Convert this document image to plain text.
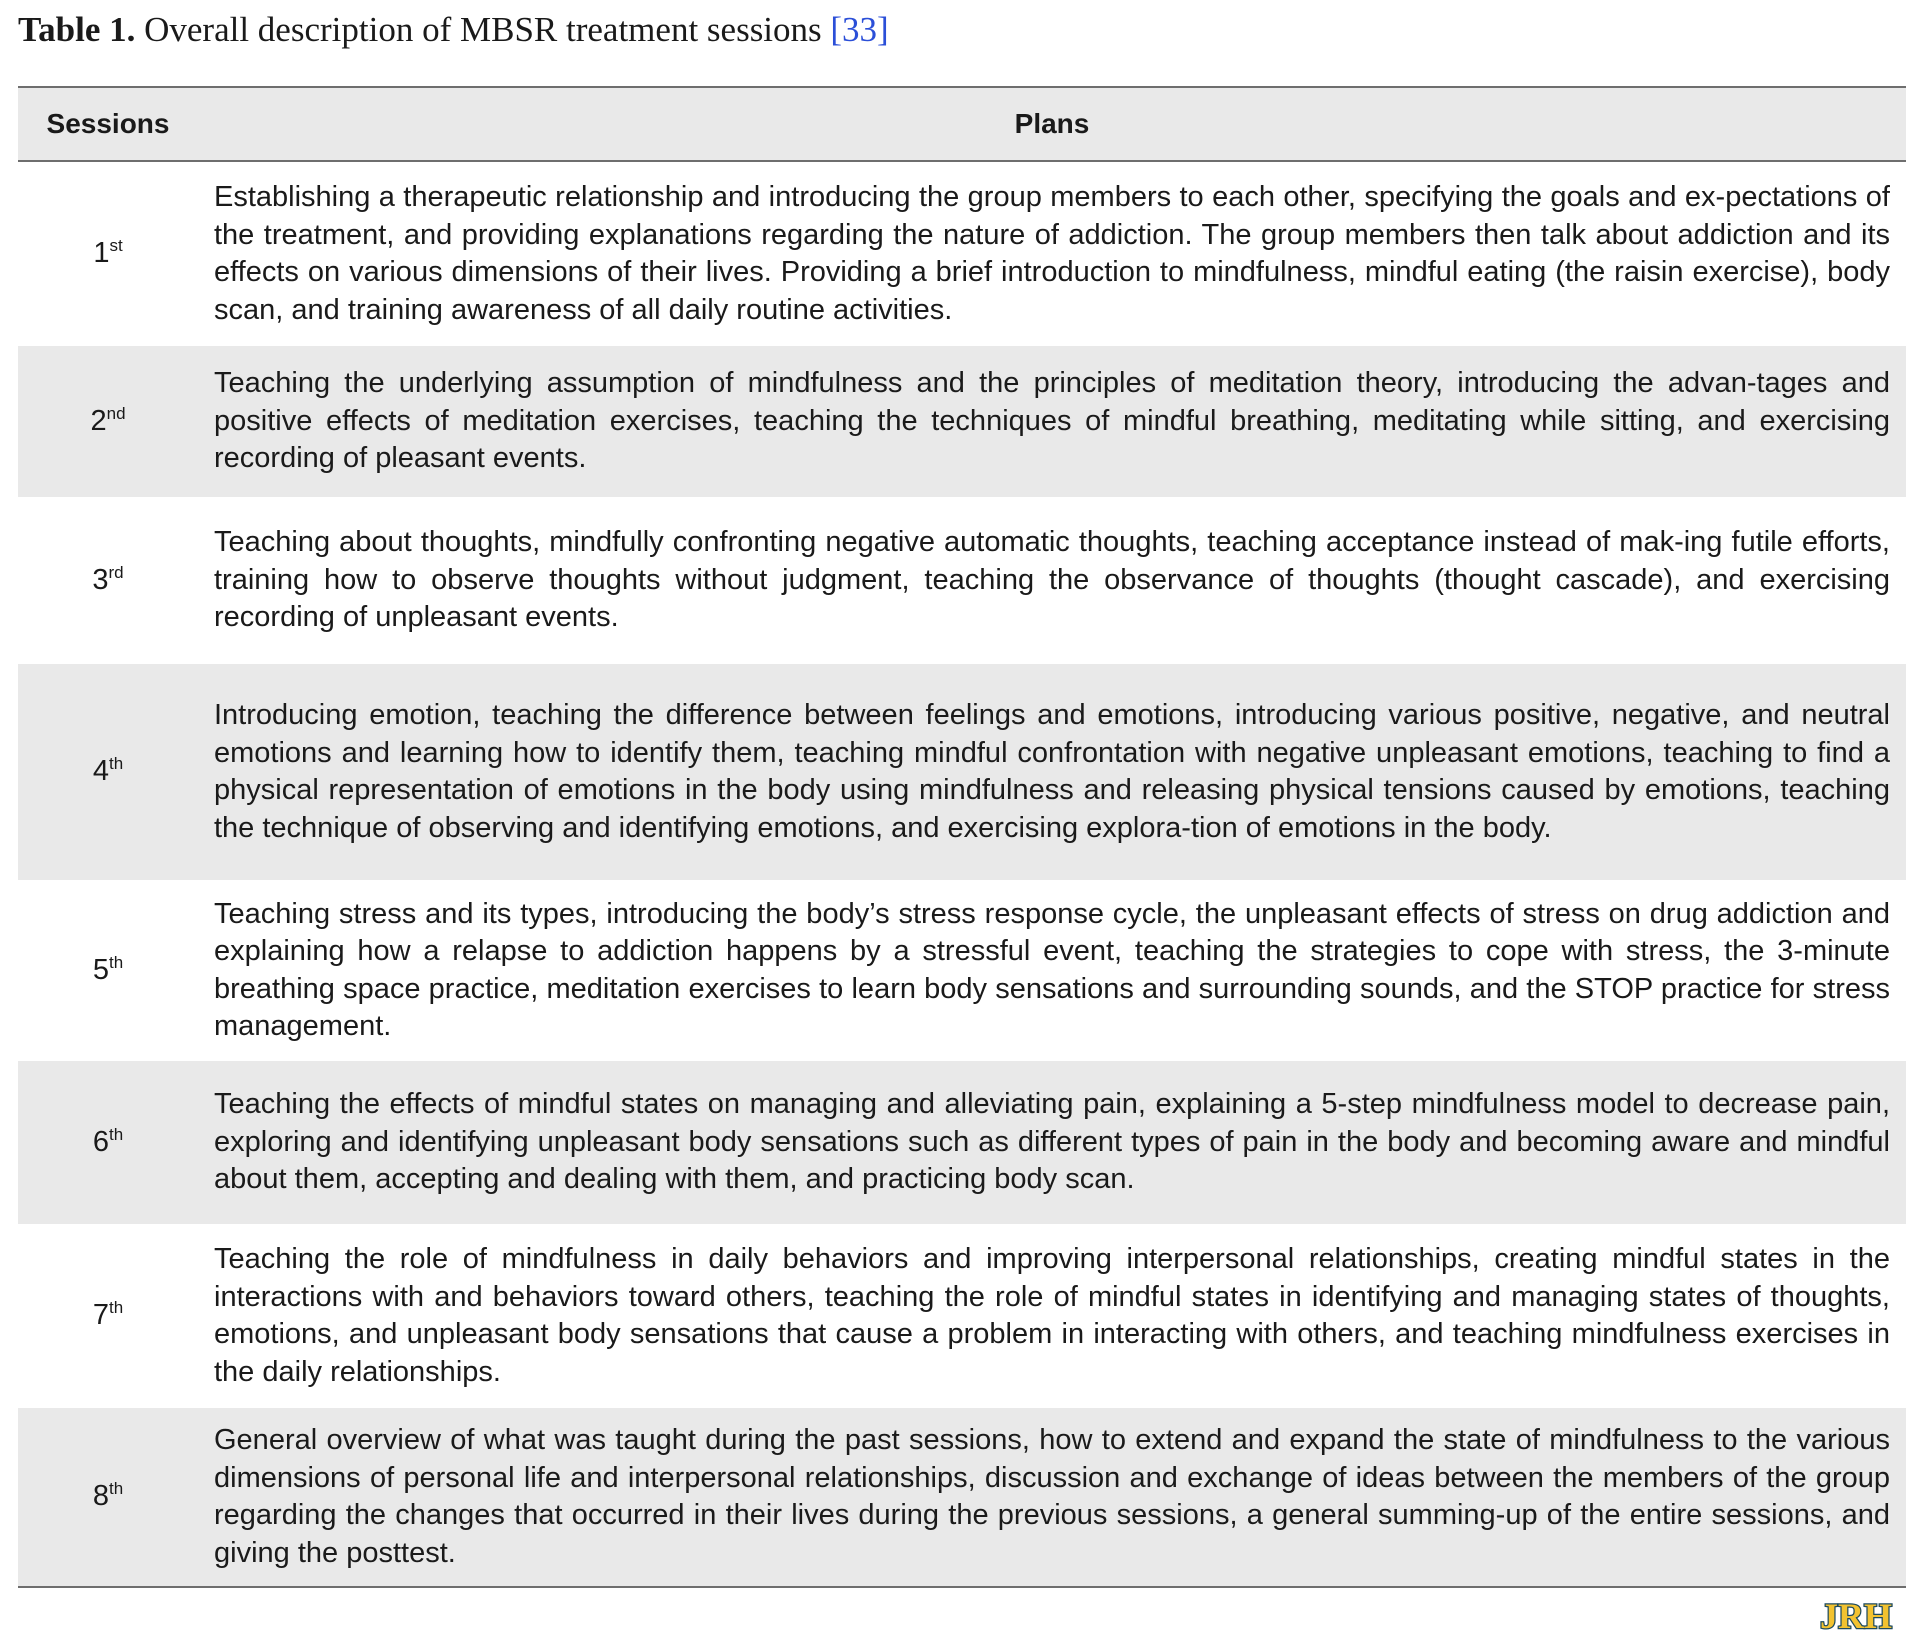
Table 1. Overall description of MBSR treatment sessions [33]
Sessions	Plans
1st
Establishing a therapeutic relationship and introducing the group members to each other, specifying the goals and ex-pectations of the treatment, and providing explanations regarding the nature of addiction. The group members then talk about addiction and its effects on various dimensions of their lives. Providing a brief introduction to mindfulness, mindful eating (the raisin exercise), body scan, and training awareness of all daily routine activities.
2nd
Teaching the underlying assumption of mindfulness and the principles of meditation theory, introducing the advan-tages and positive effects of meditation exercises, teaching the techniques of mindful breathing, meditating while sitting, and exercising recording of pleasant events.
3rd
Teaching about thoughts, mindfully confronting negative automatic thoughts, teaching acceptance instead of mak-ing futile efforts, training how to observe thoughts without judgment, teaching the observance of thoughts (thought cascade), and exercising recording of unpleasant events.
4th
Introducing emotion, teaching the difference between feelings and emotions, introducing various positive, negative, and neutral emotions and learning how to identify them, teaching mindful confrontation with negative unpleasant emotions, teaching to find a physical representation of emotions in the body using mindfulness and releasing physical tensions caused by emotions, teaching the technique of observing and identifying emotions, and exercising explora-tion of emotions in the body.
5th
Teaching stress and its types, introducing the body’s stress response cycle, the unpleasant effects of stress on drug addiction and explaining how a relapse to addiction happens by a stressful event, teaching the strategies to cope with stress, the 3-minute breathing space practice, meditation exercises to learn body sensations and surrounding sounds, and the STOP practice for stress management.
6th
Teaching the effects of mindful states on managing and alleviating pain, explaining a 5-step mindfulness model to decrease pain, exploring and identifying unpleasant body sensations such as different types of pain in the body and becoming aware and mindful about them, accepting and dealing with them, and practicing body scan.
7th
Teaching the role of mindfulness in daily behaviors and improving interpersonal relationships, creating mindful states in the interactions with and behaviors toward others, teaching the role of mindful states in identifying and managing states of thoughts, emotions, and unpleasant body sensations that cause a problem in interacting with others, and teaching mindfulness exercises in the daily relationships.
8th
General overview of what was taught during the past sessions, how to extend and expand the state of mindfulness to the various dimensions of personal life and interpersonal relationships, discussion and exchange of ideas between the members of the group regarding the changes that occurred in their lives during the previous sessions, a general summing-up of the entire sessions, and giving the posttest.
JRH
